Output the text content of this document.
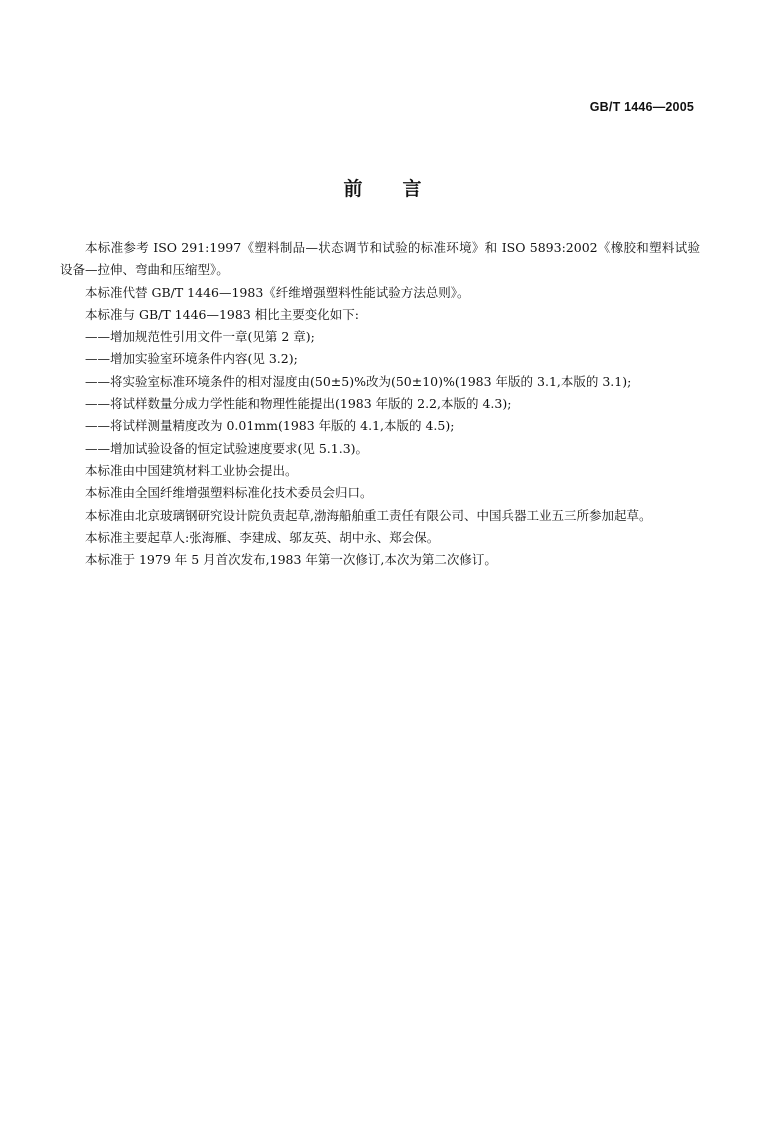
GB/T 1446—2005
前言

本标准参考 ISO 291:1997《塑料制品—状态调节和试验的标准环境》和 ISO 5893:2002《橡胶和塑料试验设备—拉伸、弯曲和压缩型》。

本标准代替 GB/T 1446—1983《纤维增强塑料性能试验方法总则》。

本标准与 GB/T 1446—1983 相比主要变化如下:

——增加规范性引用文件一章(见第 2 章);

——增加实验室环境条件内容(见 3.2);

——将实验室标准环境条件的相对湿度由(50±5)%改为(50±10)%(1983 年版的 3.1,本版的 3.1);

——将试样数量分成力学性能和物理性能提出(1983 年版的 2.2,本版的 4.3);

——将试样测量精度改为 0.01mm(1983 年版的 4.1,本版的 4.5);

——增加试验设备的恒定试验速度要求(见 5.1.3)。

本标准由中国建筑材料工业协会提出。

本标准由全国纤维增强塑料标准化技术委员会归口。

本标准由北京玻璃钢研究设计院负责起草,渤海船舶重工责任有限公司、中国兵器工业五三所参加起草。

本标准主要起草人:张海雁、李建成、邬友英、胡中永、郑会保。

本标准于 1979 年 5 月首次发布,1983 年第一次修订,本次为第二次修订。
